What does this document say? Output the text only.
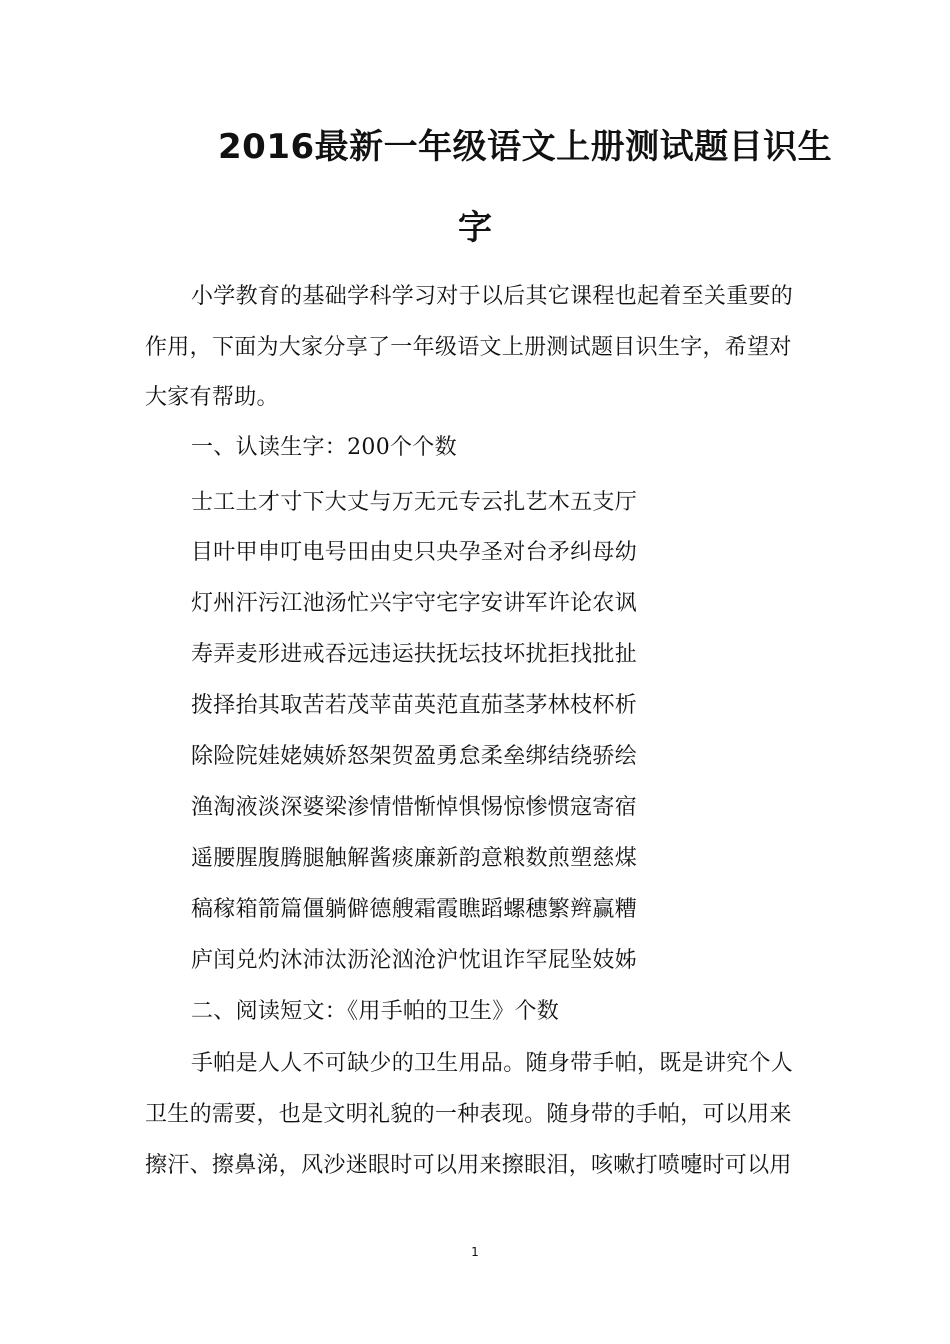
2016最新一年级语文上册测试题目识生
字
小学教育的基础学科学习对于以后其它课程也起着至关重要的
作用，下面为大家分享了一年级语文上册测试题目识生字，希望对
大家有帮助。
一、认读生字：200个个数
士工土才寸下大丈与万无元专云扎艺木五支厅
目叶甲申叮电号田由史只央孕圣对台矛纠母幼
灯州汗污江池汤忙兴宇守宅字安讲军许论农讽
寿弄麦形进戒吞远违运扶抚坛技坏扰拒找批扯
拨择抬其取苦若茂苹苗英范直茄茎茅林枝杯析
除险院娃姥姨娇怒架贺盈勇怠柔垒绑结绕骄绘
渔淘液淡深婆梁渗情惜惭悼惧惕惊惨惯寇寄宿
遥腰腥腹腾腿触解酱痰廉新韵意粮数煎塑慈煤
稿稼箱箭篇僵躺僻德艘霜霞瞧蹈螺穗繁辫赢糟
庐闰兑灼沐沛汰沥沦汹沧沪忱诅诈罕屁坠妓姊
二、阅读短文：《用手帕的卫生》个数
手帕是人人不可缺少的卫生用品。随身带手帕，既是讲究个人
卫生的需要，也是文明礼貌的一种表现。随身带的手帕，可以用来
擦汗、擦鼻涕，风沙迷眼时可以用来擦眼泪，咳嗽打喷嚏时可以用
1
